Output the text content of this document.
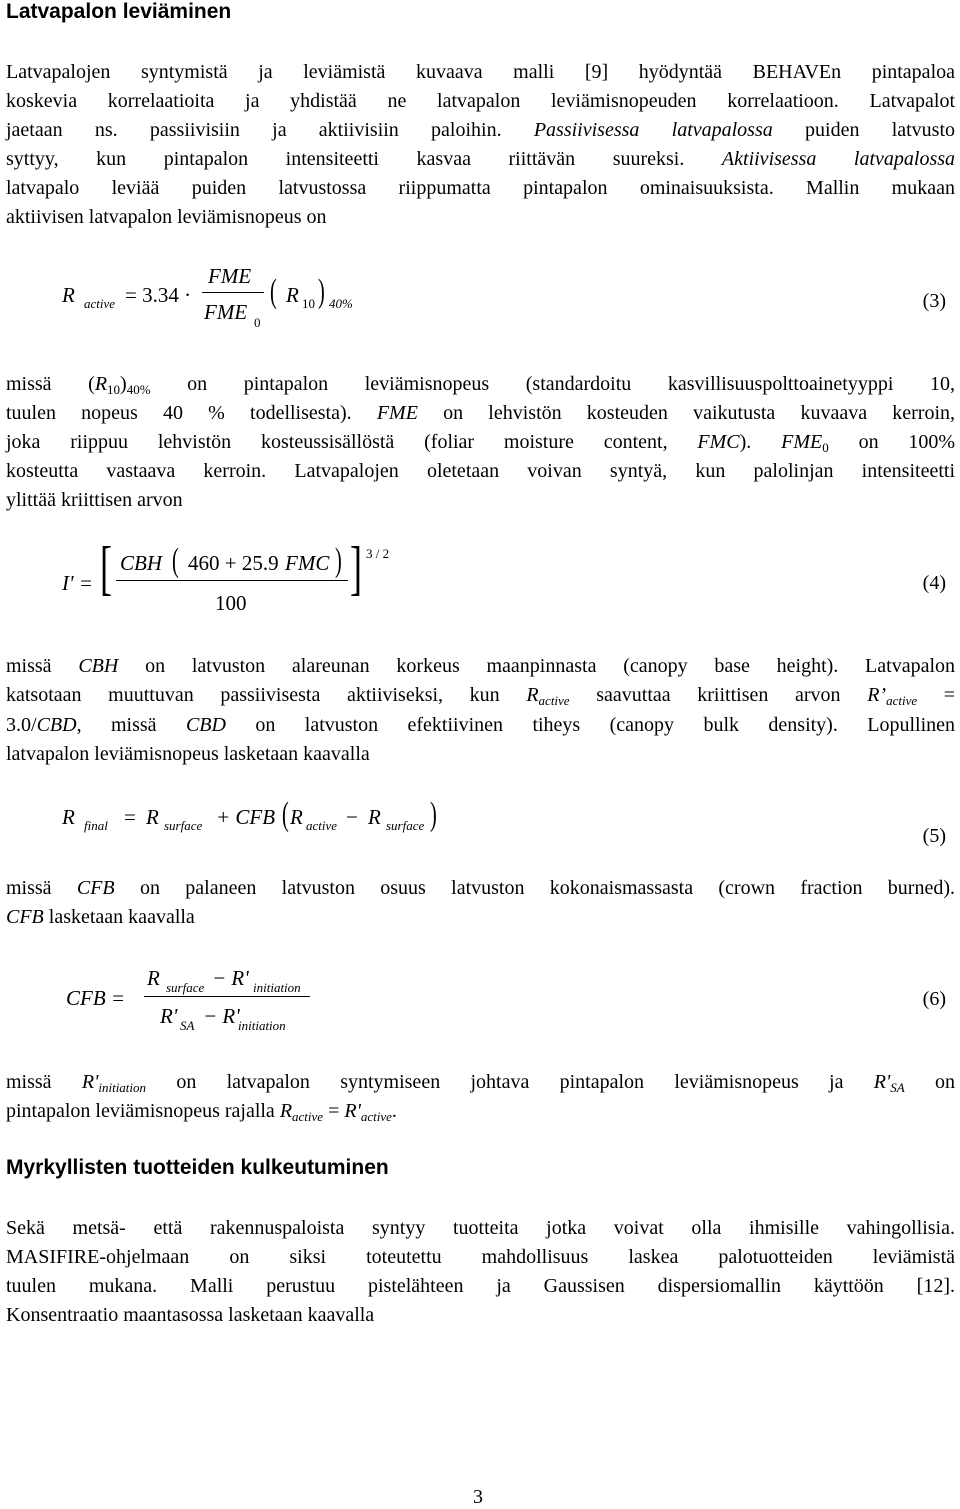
Latvapalon leviäminen
Latvapalojen syntymistä ja leviämistä kuvaava malli [9] hyödyntää BEHAVEn pintapaloa
koskevia korrelaatioita ja yhdistää ne latvapalon leviämisnopeuden korrelaatioon. Latvapalot
jaetaan ns. passiivisiin ja aktiivisiin paloihin. Passiivisessa latvapalossa puiden latvusto
syttyy, kun pintapalon intensiteetti kasvaa riittävän suureksi. Aktiivisessa latvapalossa
latvapalo leviää puiden latvustossa riippumatta pintapalon ominaisuuksista. Mallin mukaan
aktiivisen latvapalon leviämisnopeus on
R active = 3.34 ·
FME
FME 0
( R 10 ) 40%	(3)
missä $(R_{10})_{40\%}$ on pintapalon leviämisnopeus (standardoitu kasvillisuuspolttoainetyyppi 10,
tuulen nopeus 40 % todellisesta). FME on lehvistön kosteuden vaikutusta kuvaava kerroin,
joka riippuu lehvistön kosteussisällöstä (foliar moisture content, FMC). $FME_0$ on 100%
kosteutta vastaava kerroin. Latvapalojen oletetaan voivan syntyä, kun palolinjan intensiteetti
ylittää kriittisen arvon
I' = [ CBH ( 460 + 25.9 FMC )
100
] 3 / 2
(4)
missä CBH on latvuston alareunan korkeus maanpinnasta (canopy base height). Latvapalon
katsotaan muuttuvan passiivisesta aktiiviseksi, kun $R_{active}$ saavuttaa kriittisen arvon $R’_{active}$ =
3.0/CBD, missä CBD on latvuston efektiivinen tiheys (canopy bulk density). Lopullinen
latvapalon leviämisnopeus lasketaan kaavalla
R final = R surface + CFB ( R active − R surface )
(5)
missä CFB on palaneen latvuston osuus latvuston kokonaismassasta (crown fraction burned).
CFB lasketaan kaavalla
CFB =
R surface − R' initiation
R' SA − R'
initiation
(6)
missä $R'_{initiation}$ on latvapalon syntymiseen johtava pintapalon leviämisnopeus ja $R'_{SA}$ on
pintapalon leviämisnopeus rajalla $R_{active} = R'_{active}$.
Myrkyllisten tuotteiden kulkeutuminen
Sekä metsä- että rakennuspaloista syntyy tuotteita jotka voivat olla ihmisille vahingollisia.
MASIFIRE-ohjelmaan on siksi toteutettu mahdollisuus laskea palotuotteiden leviämistä
tuulen mukana. Malli perustuu pistelähteen ja Gaussisen dispersiomallin käyttöön [12].
Konsentraatio maantasossa lasketaan kaavalla
3
